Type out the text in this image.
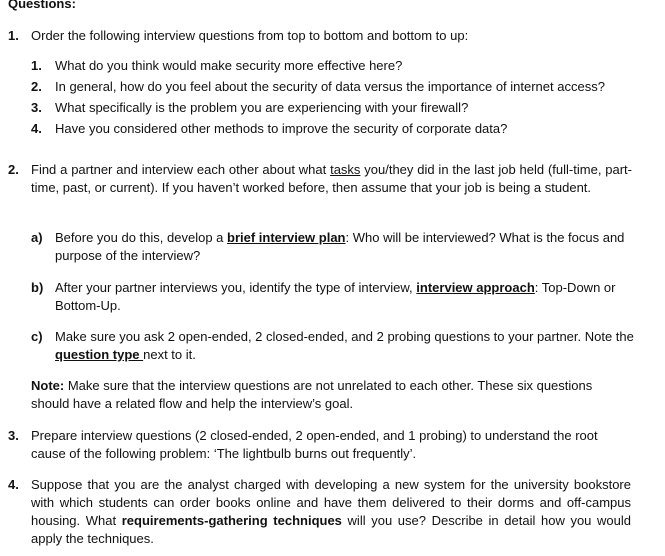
Questions:
1. Order the following interview questions from top to bottom and bottom to up:
1. What do you think would make security more effective here?
2. In general, how do you feel about the security of data versus the importance of internet access?
3. What specifically is the problem you are experiencing with your firewall?
4. Have you considered other methods to improve the security of corporate data?
2. Find a partner and interview each other about what tasks you/they did in the last job held (full-time, part-time, past, or current). If you haven’t worked before, then assume that your job is being a student.
a) Before you do this, develop a brief interview plan: Who will be interviewed? What is the focus and purpose of the interview?
b) After your partner interviews you, identify the type of interview, interview approach: Top-Down or Bottom-Up.
c) Make sure you ask 2 open-ended, 2 closed-ended, and 2 probing questions to your partner. Note the question type next to it.
Note: Make sure that the interview questions are not unrelated to each other. These six questions should have a related flow and help the interview’s goal.
3. Prepare interview questions (2 closed-ended, 2 open-ended, and 1 probing) to understand the root cause of the following problem: ‘The lightbulb burns out frequently’.
4. Suppose that you are the analyst charged with developing a new system for the university bookstore with which students can order books online and have them delivered to their dorms and off-campus housing. What requirements-gathering techniques will you use? Describe in detail how you would apply the techniques.
